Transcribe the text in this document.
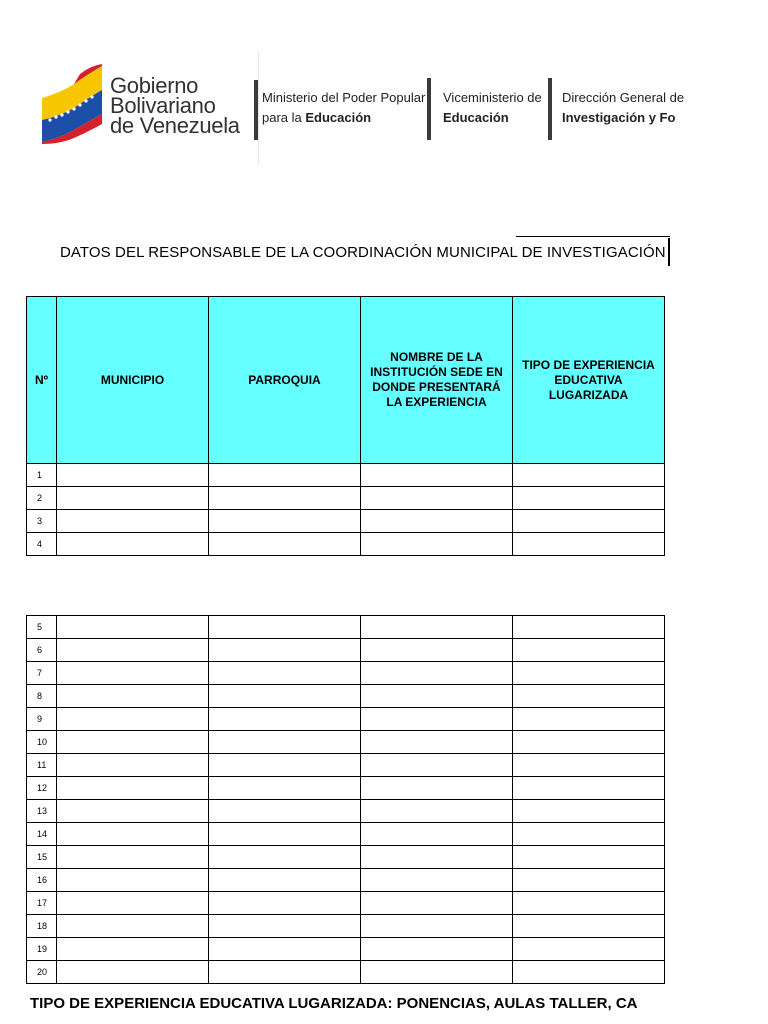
Gobierno
Bolivariano
de Venezuela
Ministerio del Poder Popular
para la Educación
Viceministerio de
Educación
Dirección General de
Investigación y Fo
DATOS DEL RESPONSABLE DE LA COORDINACIÓN MUNICIPAL DE INVESTIGACIÓN
Nº	MUNICIPIO	PARROQUIA	NOMBRE DE LA INSTITUCIÓN SEDE EN DONDE PRESENTARÁ LA EXPERIENCIA	TIPO DE EXPERIENCIA EDUCATIVA LUGARIZADA
1				
2				
3				
4				
5				
6				
7				
8				
9				
10				
11				
12				
13				
14				
15				
16				
17				
18				
19				
20				
TIPO DE EXPERIENCIA EDUCATIVA LUGARIZADA: PONENCIAS, AULAS TALLER, CA
